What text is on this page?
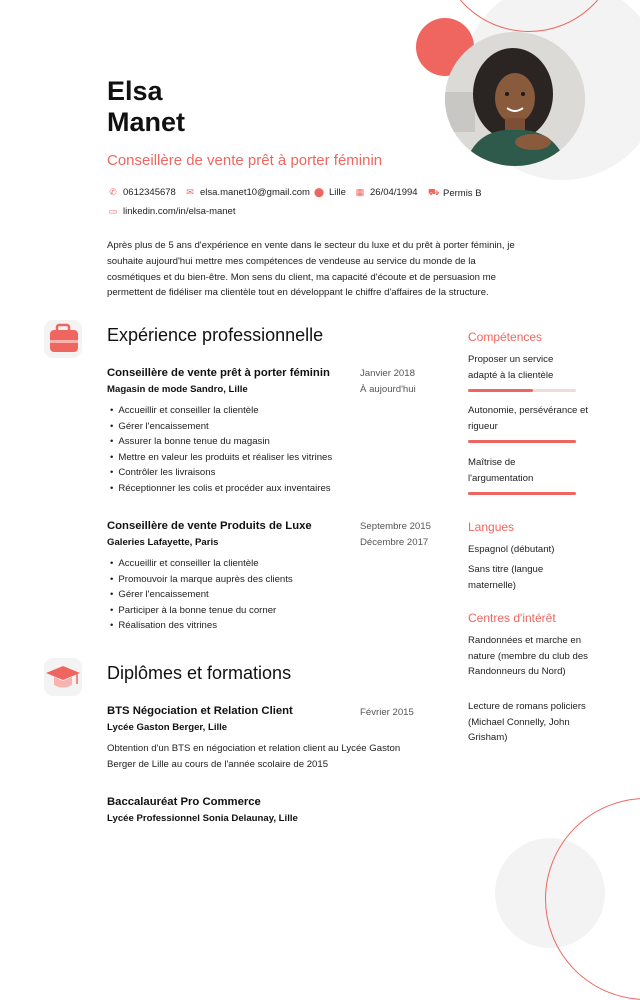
Elsa
Manet
Conseillère de vente prêt à porter féminin
✆ 0612345678 ✉ elsa.manet10@gmail.com ⬤ Lille ▦ 26/04/1994 ⛟ Permis B
▭ linkedin.com/in/elsa-manet
Après plus de 5 ans d'expérience en vente dans le secteur du luxe et du prêt à porter féminin, je souhaite aujourd'hui mettre mes compétences de vendeuse au service du monde de la cosmétiques et du bien-être. Mon sens du client, ma capacité d'écoute et de persuasion me permettent de fidéliser ma clientèle tout en développant le chiffre d'affaires de la structure.
Expérience professionnelle
Conseillère de vente prêt à porter féminin
Magasin de mode Sandro, Lille
Janvier 2018
À aujourd'hui
• Accueillir et conseiller la clientèle
• Gérer l'encaissement
• Assurer la bonne tenue du magasin
• Mettre en valeur les produits et réaliser les vitrines
• Contrôler les livraisons
• Réceptionner les colis et procéder aux inventaires
Conseillère de vente Produits de Luxe
Galeries Lafayette, Paris
Septembre 2015
Décembre 2017
• Accueillir et conseiller la clientèle
• Promouvoir la marque auprès des clients
• Gérer l'encaissement
• Participer à la bonne tenue du corner
• Réalisation des vitrines
Diplômes et formations
BTS Négociation et Relation Client
Lycée Gaston Berger, Lille
Février 2015
Obtention d'un BTS en négociation et relation client au Lycée Gaston Berger de Lille au cours de l'année scolaire de 2015
Baccalauréat Pro Commerce
Lycée Professionnel Sonia Delaunay, Lille
Compétences
Proposer un service adapté à la clientèle
Autonomie, persévérance et rigueur
Maîtrise de l'argumentation
Langues
Espagnol (débutant)
Sans titre (langue maternelle)
Centres d'intérêt
Randonnées et marche en nature (membre du club des Randonneurs du Nord)
Lecture de romans policiers (Michael Connelly, John Grisham)
